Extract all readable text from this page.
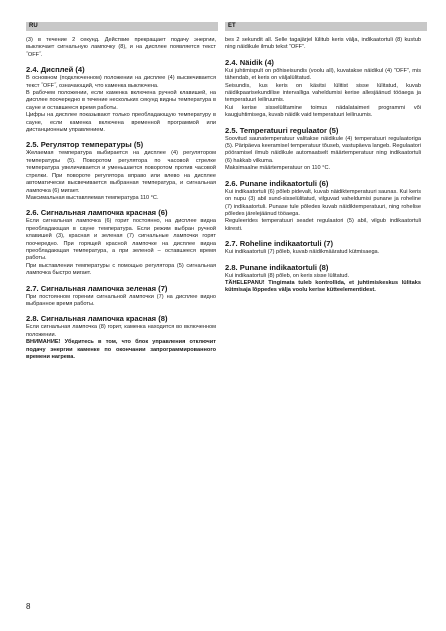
RU	ET

(3) в течение 2 секунд. Действие прекращает подачу энергии, выключает сигнальную лампочку (8), и на дисплее появляется текст ˝OFF˝.

2.4. Дисплей (4)

В основном (подключенном) положении на дисплее (4) высвечивается текст ˝OFF˝, означающий, что каменка выключена.

В рабочем положении, если каменка включена ручной клавишей, на дисплее поочередно в течение нескольких секунд видны температура в сауне и оставшееся время работы.

Цифры на дисплее показывают только преобладающую температуру в сауне, если каменка включена временной программой или дистанционным управлением.

2.5. Регулятор температуры (5)

Желаемая температура выбирается на дисплее (4) регулятором температуры (5). Поворотом регулятора по часовой стрелке температура увеличивается и уменьшается поворотом против часовой стрелки. При повороте регулятора вправо или влево на дисплее автоматически высвечивается выбранная температура, и сигнальная лампочка (6) мигает.

Максимальная выставляемая температура 110 °C.

2.6. Сигнальная лампочка красная (6)

Если сигнальная лампочка (6) горит постоянно, на дисплее видна преобладающая в сауне температура. Если режим выбран ручной клавишей (3), красная и зеленая (7) сигнальные лампочки горят поочередно. При горящей красной лампочке на дисплее видна преобладающая температура, а при зеленой – оставшееся время работы.

При выставлении температуры с помощью регулятора (5) сигнальная лампочка быстро мигает.

2.7. Сигнальная лампочка зеленая (7)

При постоянном горении сигнальной лампочки (7) на дисплее видно выбранное время работы.

2.8. Сигнальная лампочка красная (8)

Если сигнальная лампочка (8) горит, каменка находится во включенном положении.

ВНИМАНИЕ! Убедитесь в том, что блок управления отключит подачу энергии каменке по окончании запрограммированного времени нагрева.

bes 2 sekundit all. Selle tagajärjel lülitub keris välja, indikaatortuli (8) kustub ning näidikule ilmub tekst “OFF”.

2.4. Näidik (4)

Kui juhtimispult on põhiseisundis (voolu all), kuvatakse näidikul (4) “OFF”, mis tähendab, et keris on väljalülitatud.

Seisundis, kus keris on käsitsi lülitist sisse lülitatud, kuvab näidikpaarisekundilise intervalliga vaheldumisi kerise allesjäänud tööaega ja temperatuuri leiliruumis.

Kui kerise sisselülitamine toimus nädalataimeri programmi või kaugjuhtimisega, kuvab näidik vaid temperatuuri leiliruumis.

2.5. Temperatuuri regulaator (5)

Soovitud saunatemperatuur valitakse näidikule (4) temperatuuri regulaatoriga (5). Päripäeva keeramisel temperatuur tõuseb, vastupäeva langeb. Regulaatori pööramisel ilmub näidikule automaatselt määrtemperatuur ning indikaatortuli (6) hakkab vilkuma.

Maksimaalne määrtemperatuur on 110 °C.

2.6. Punane indikaatortuli (6)

Kui indikaatortuli (6) põleb pidevalt, kuvab näidiktemperatuuri saunas. Kui keris on nupu (3) abil sund-sisselülitatud, vilguvad vaheldumisi punane ja roheline (7) indikaatortuli. Punase tule põledes kuvab näidiktemperatuuri, ning rohelise põledes järelejäänud tööaega.

Reguleerides temperatuuri seadet regulaatori (5) abil, vilgub indikaatortuli kiiresti.

2.7. Roheline indikaatortuli (7)

Kui indikaatortuli (7) põleb, kuvab näidikmääratud kütmisaega.

2.8. Punane indikaatortuli (8)

Kui indikaatortuli (8) põleb, on keris sisse lülitatud.

TÄHELEPANU! Tingimata tuleb kontrollida, et juhtimiskeskus lülitaks kütmisaja lõppedes välja voolu kerise kütteelementidest.

8
